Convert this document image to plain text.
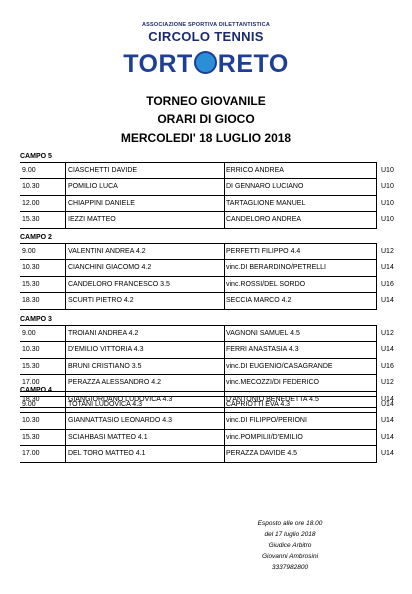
ASSOCIAZIONE SPORTIVA DILETTANTISTICA
CIRCOLO TENNIS
TORT RETO
TORNEO GIOVANILE
ORARI DI GIOCO
MERCOLEDI' 18 LUGLIO 2018
CAMPO 5
9.00	CIASCHETTI DAVIDE	ERRICO ANDREA	U10
10.30	POMILIO LUCA	DI GENNARO LUCIANO	U10
12.00	CHIAPPINI DANIELE	TARTAGLIONE MANUEL	U10
15.30	IEZZI MATTEO	CANDELORO ANDREA	U10
CAMPO 2
9.00	VALENTINI ANDREA 4.2	PERFETTI FILIPPO 4.4	U12
10.30	CIANCHINI GIACOMO 4.2	vinc.DI BERARDINO/PETRELLI	U14
15.30	CANDELORO FRANCESCO 3.5	vinc.ROSSI/DEL SORDO	U16
18.30	SCURTI PIETRO 4.2	SECCIA MARCO 4.2	U14
CAMPO 3
9.00	TROIANI ANDREA 4.2	VAGNONI SAMUEL 4.5	U12
10.30	D'EMILIO VITTORIA 4.3	FERRI ANASTASIA 4.3	U14
15.30	BRUNI CRISTIANO 3.5	vinc.DI EUGENIO/CASAGRANDE	U16
17.00	PERAZZA ALESSANDRO 4.2	vinc.MECOZZI/DI FEDERICO	U12
18.30	GIANGIORDANO LUDOVICA 4.3	D'ANTONIO BENEDETTA 4.5	U14
CAMPO 4
9.00	TOTANI LUDOVICA 4.3	CAPRIOTTI EVA 4.3	U14
10.30	GIANNATTASIO LEONARDO 4.3	vinc.DI FILIPPO/PERIONI	U14
15.30	SCIAHBASI MATTEO 4.1	vinc.POMPILII/D'EMILIO	U14
17.00	DEL TORO MATTEO 4.1	PERAZZA DAVIDE 4.5	U14
Esposto alle ore 18.00
del 17 luglio 2018
Giudice Arbitro
Giovanni Ambrosini
3337982800
